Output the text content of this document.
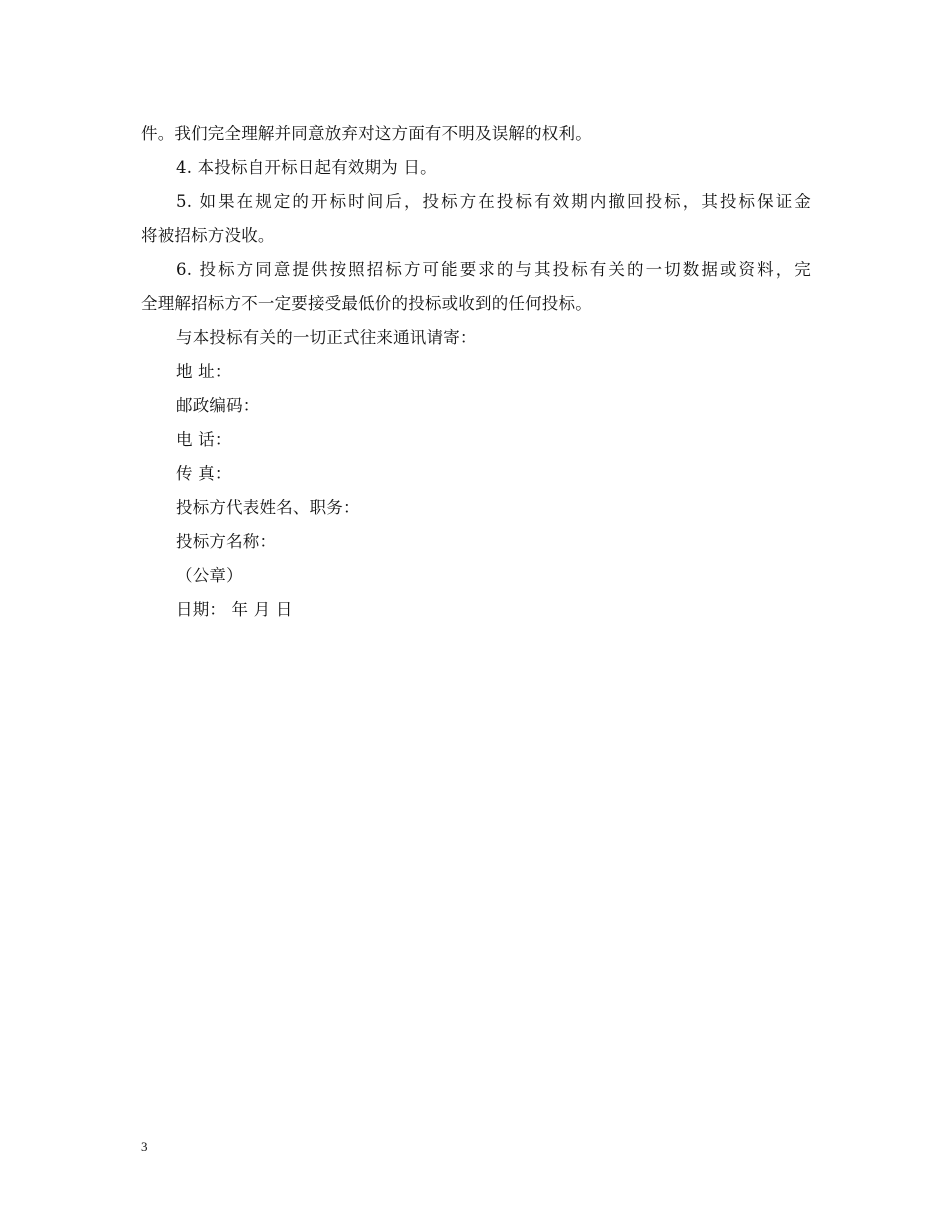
件。我们完全理解并同意放弃对这方面有不明及误解的权利。
4. 本投标自开标日起有效期为 日。
5. 如果在规定的开标时间后，投标方在投标有效期内撤回投标，其投标保证金
将被招标方没收。
6. 投标方同意提供按照招标方可能要求的与其投标有关的一切数据或资料，完
全理解招标方不一定要接受最低价的投标或收到的任何投标。
与本投标有关的一切正式往来通讯请寄：
地 址：
邮政编码：
电 话：
传 真：
投标方代表姓名、职务：
投标方名称：
（公章）
日期： 年 月 日
3
